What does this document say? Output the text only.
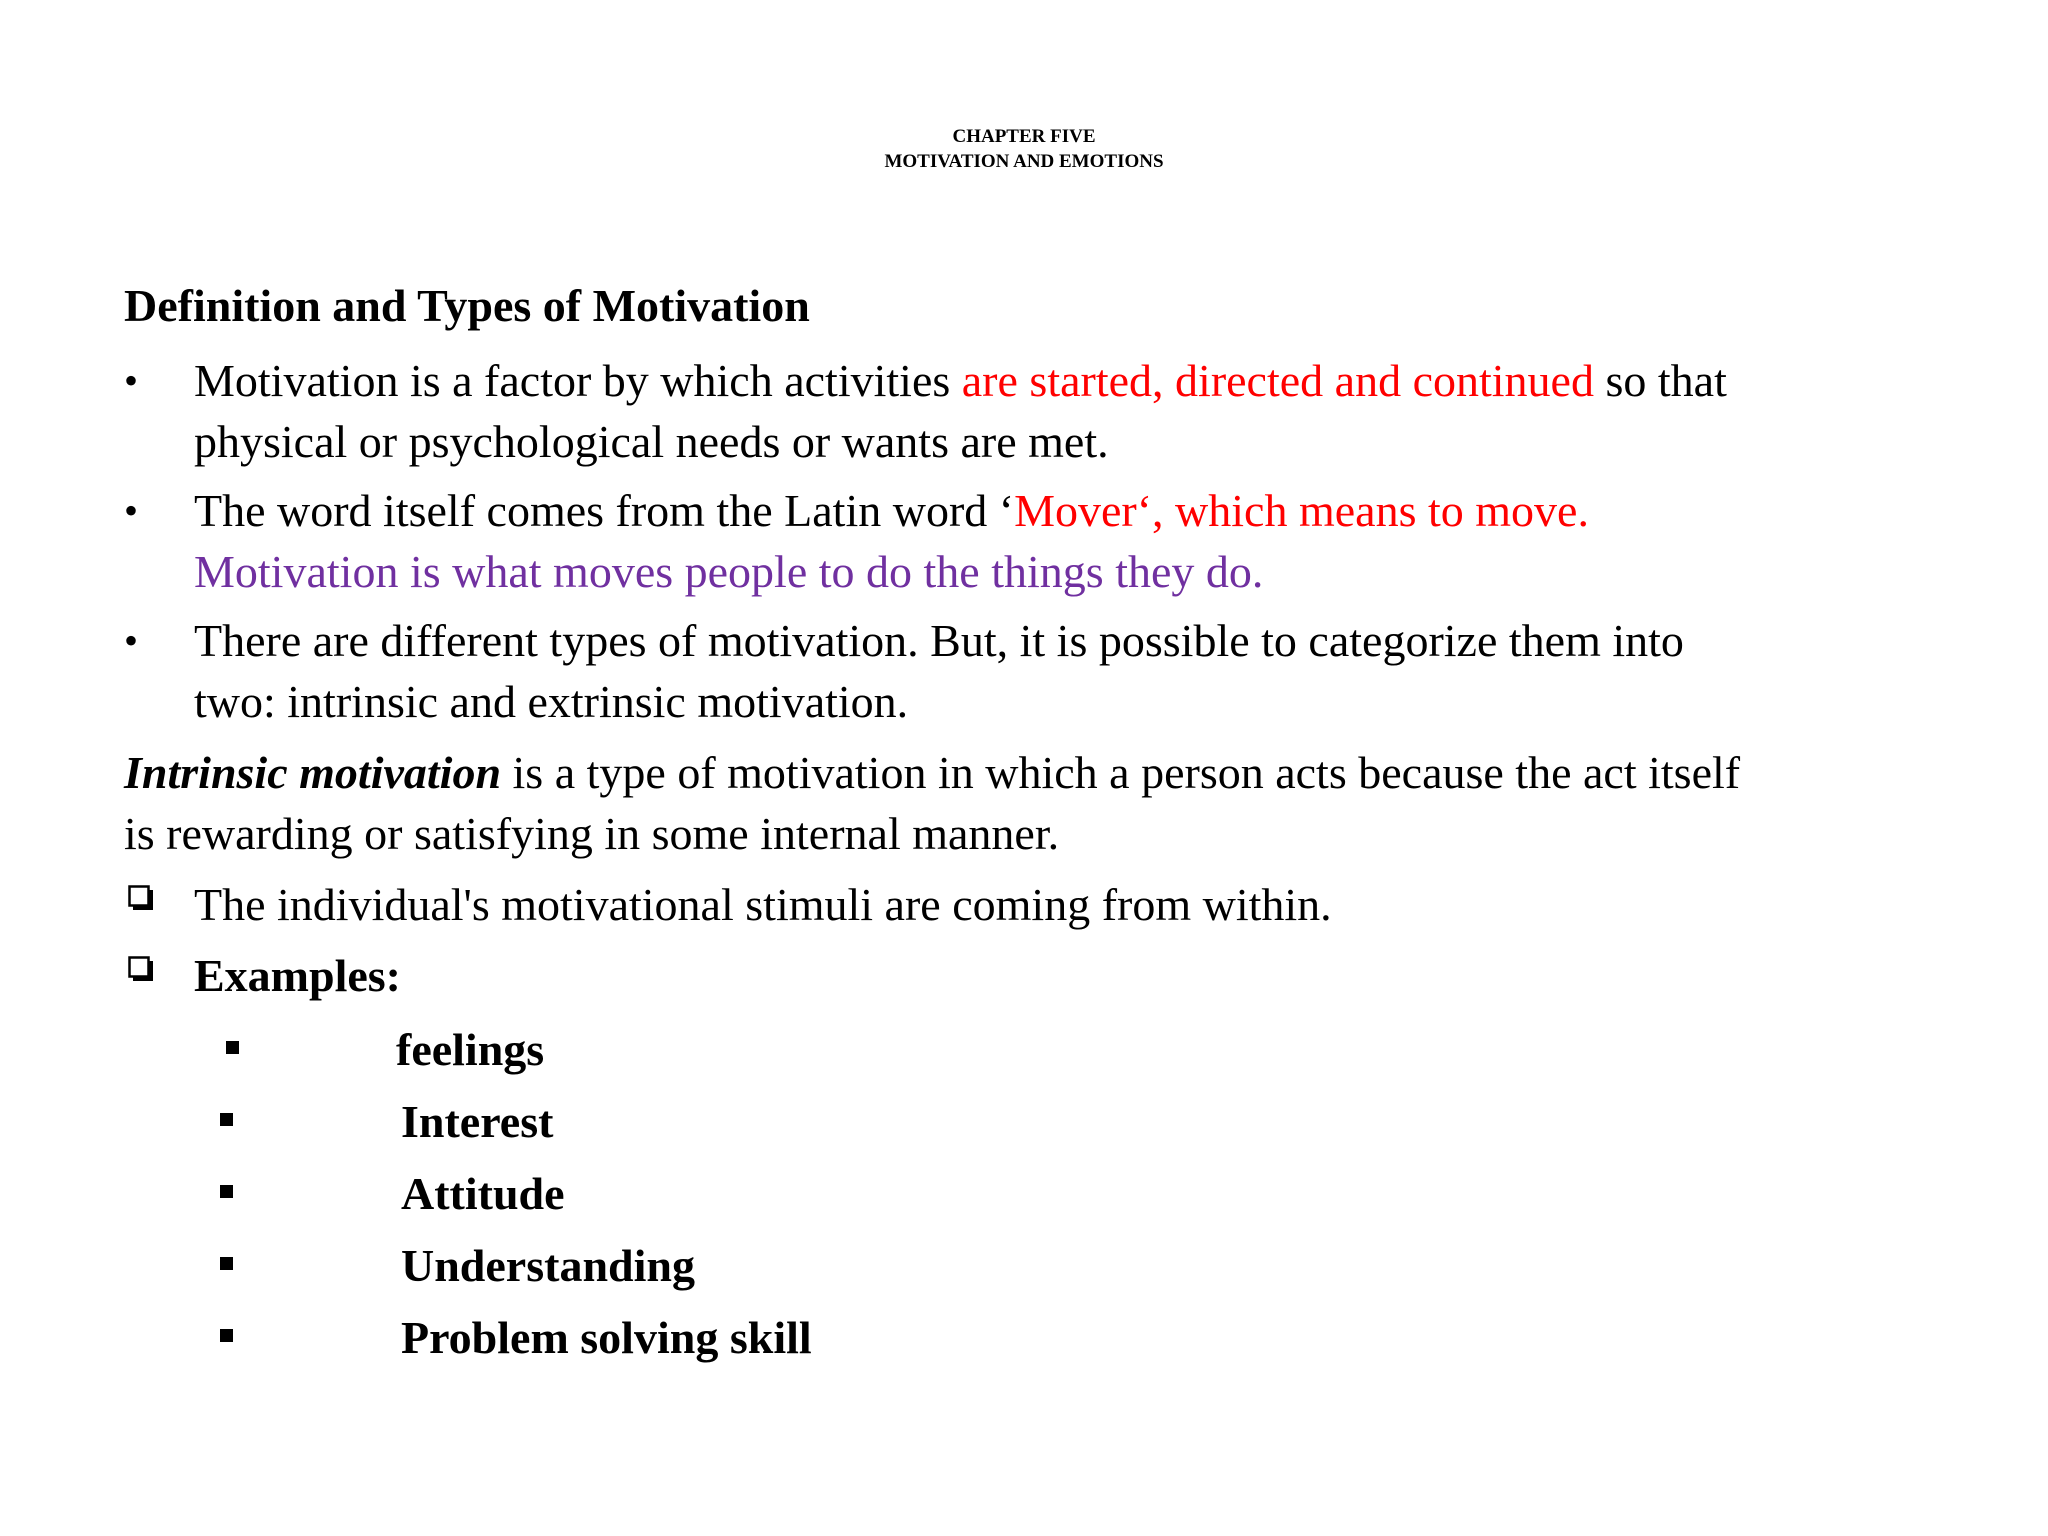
CHAPTER FIVE
MOTIVATION AND EMOTIONS
Definition and Types of Motivation
•	Motivation is a factor by which activities are started, directed and continued so that
physical or psychological needs or wants are met.
•	The word itself comes from the Latin word ‘Mover‘, which means to move.
Motivation is what moves people to do the things they do.
•	There are different types of motivation. But, it is possible to categorize them into
two: intrinsic and extrinsic motivation.
Intrinsic motivation is a type of motivation in which a person acts because the act itself
is rewarding or satisfying in some internal manner.
The individual's motivational stimuli are coming from within.
Examples:
feelings
Interest
Attitude
Understanding
Problem solving skill
